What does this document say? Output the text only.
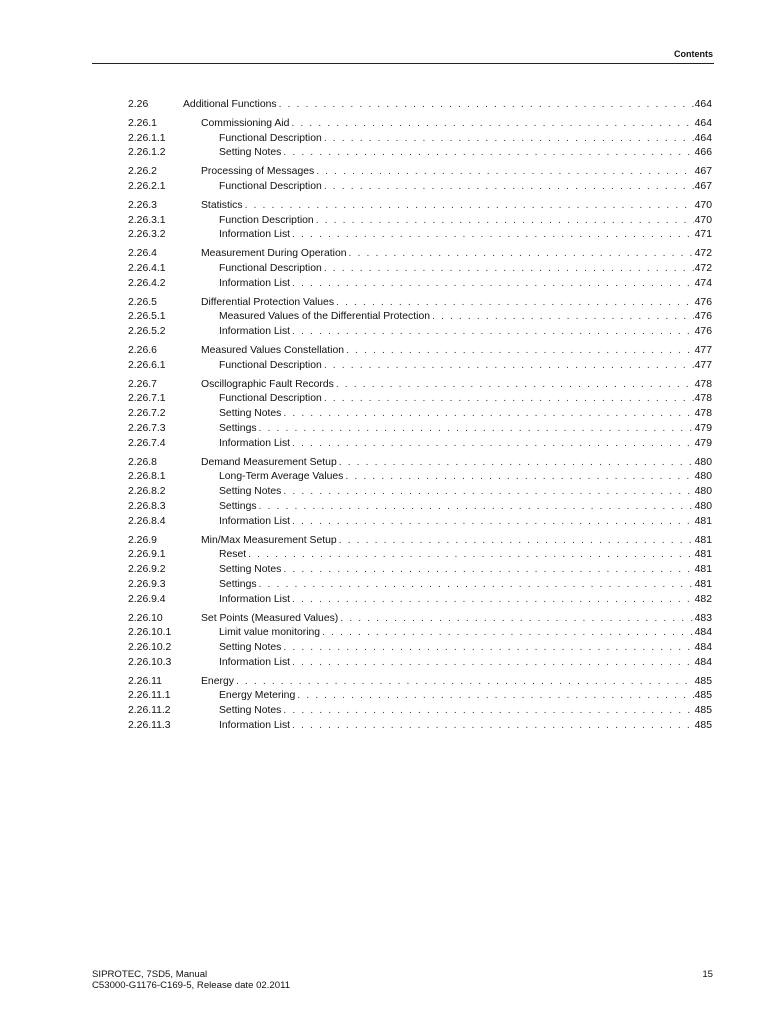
Contents
2.26	Additional Functions . . .	464
2.26.1	Commissioning Aid . . .	464
2.26.1.1	Functional Description . . .	464
2.26.1.2	Setting Notes . . .	466
2.26.2	Processing of Messages . . .	467
2.26.2.1	Functional Description . . .	467
2.26.3	Statistics . . .	470
2.26.3.1	Function Description . . .	470
2.26.3.2	Information List . . .	471
2.26.4	Measurement During Operation . . .	472
2.26.4.1	Functional Description . . .	472
2.26.4.2	Information List . . .	474
2.26.5	Differential Protection Values . . .	476
2.26.5.1	Measured Values of the Differential Protection . . .	476
2.26.5.2	Information List . . .	476
2.26.6	Measured Values Constellation . . .	477
2.26.6.1	Functional Description . . .	477
2.26.7	Oscillographic Fault Records . . .	478
2.26.7.1	Functional Description . . .	478
2.26.7.2	Setting Notes . . .	478
2.26.7.3	Settings . . .	479
2.26.7.4	Information List . . .	479
2.26.8	Demand Measurement Setup . . .	480
2.26.8.1	Long-Term Average Values . . .	480
2.26.8.2	Setting Notes . . .	480
2.26.8.3	Settings . . .	480
2.26.8.4	Information List . . .	481
2.26.9	Min/Max Measurement Setup . . .	481
2.26.9.1	Reset . . .	481
2.26.9.2	Setting Notes . . .	481
2.26.9.3	Settings . . .	481
2.26.9.4	Information List . . .	482
2.26.10	Set Points (Measured Values) . . .	483
2.26.10.1	Limit value monitoring . . .	484
2.26.10.2	Setting Notes . . .	484
2.26.10.3	Information List . . .	484
2.26.11	Energy . . .	485
2.26.11.1	Energy Metering . . .	485
2.26.11.2	Setting Notes . . .	485
2.26.11.3	Information List . . .	485
SIPROTEC, 7SD5, Manual
C53000-G1176-C169-5, Release date 02.2011
15
